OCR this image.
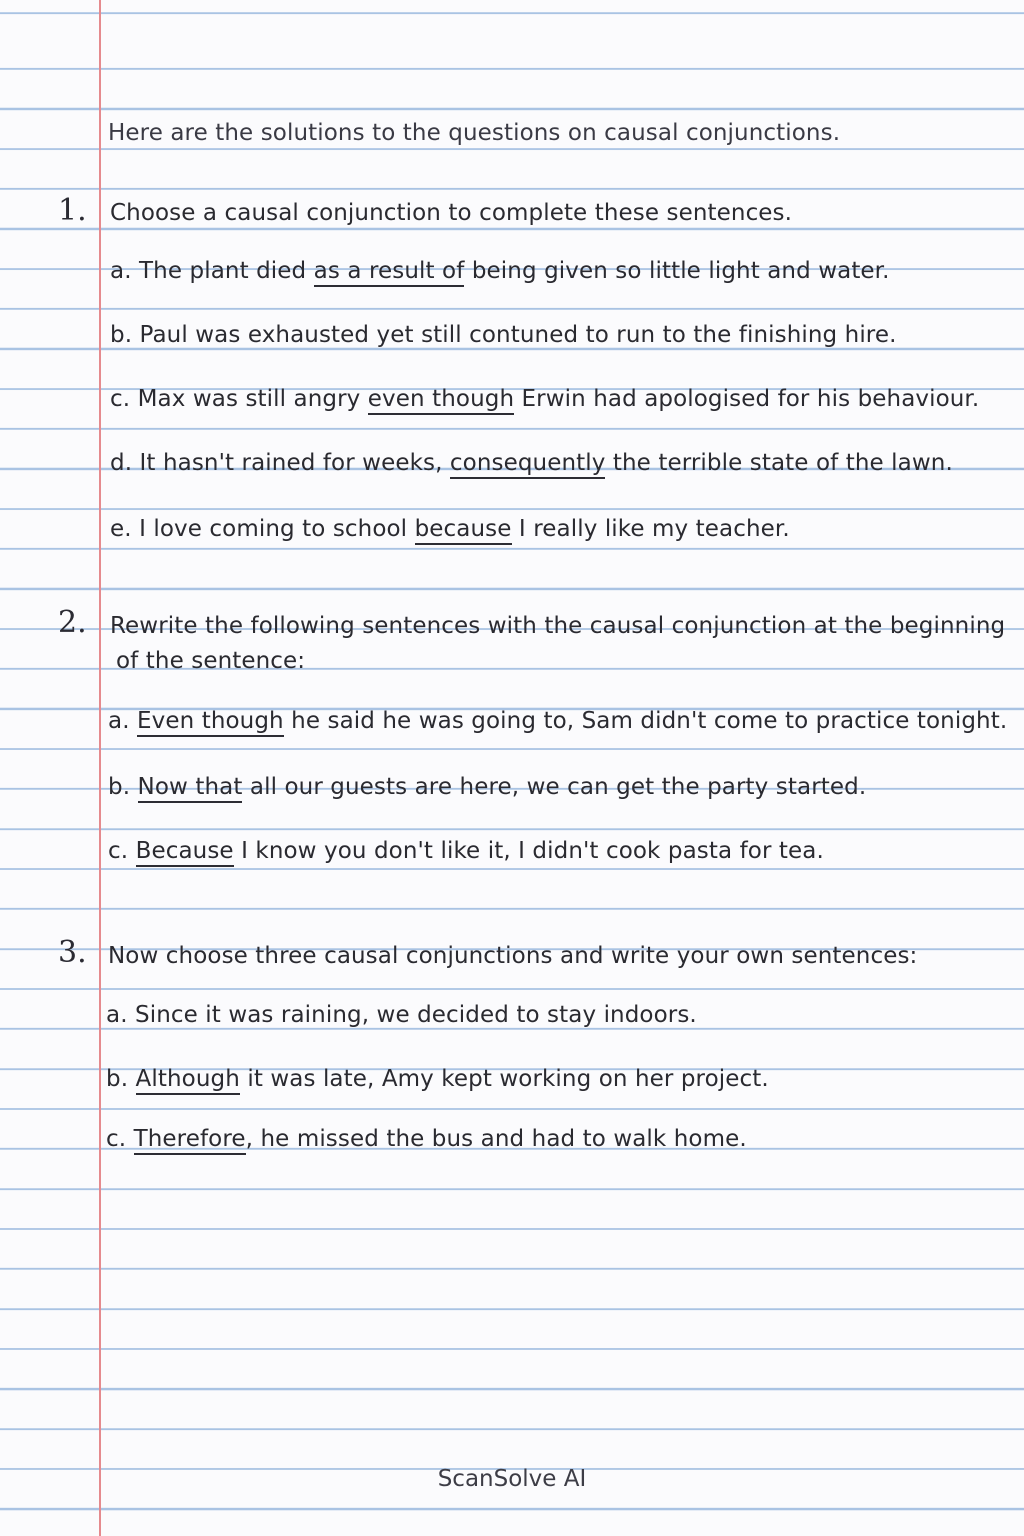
Here are the solutions to the questions on causal conjunctions.
1. Choose a causal conjunction to complete these sentences.
a. The plant died as a result of being given so little light and water.
b. Paul was exhausted yet still contuned to run to the finishing hire.
c. Max was still angry even though Erwin had apologised for his behaviour.
d. It hasn't rained for weeks, consequently the terrible state of the lawn.
e. I love coming to school because I really like my teacher.
2. Rewrite the following sentences with the causal conjunction at the beginning
of the sentence:
a. Even though he said he was going to, Sam didn't come to practice tonight.
b. Now that all our guests are here, we can get the party started.
c. Because I know you don't like it, I didn't cook pasta for tea.
3. Now choose three causal conjunctions and write your own sentences:
a. Since it was raining, we decided to stay indoors.
b. Although it was late, Amy kept working on her project.
c. Therefore, he missed the bus and had to walk home.
ScanSolve AI
